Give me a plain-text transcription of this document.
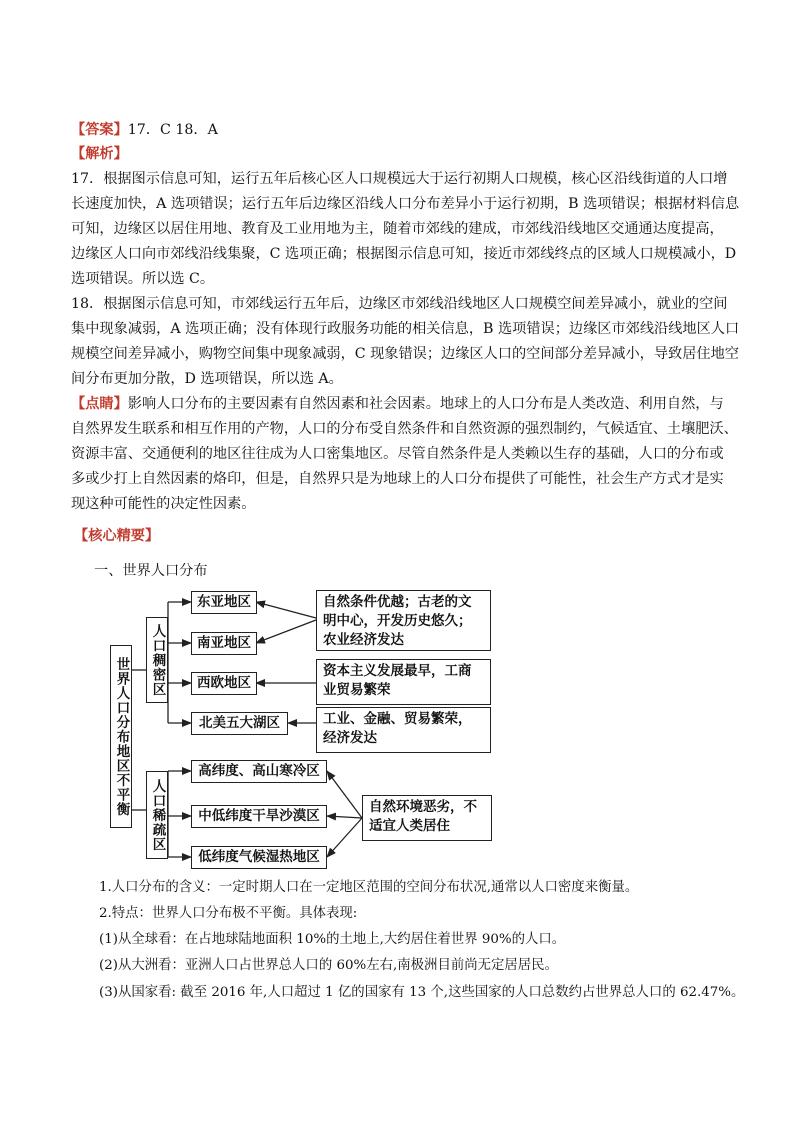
【答案】17．C 18．A
【解析】
17．根据图示信息可知，运行五年后核心区人口规模远大于运行初期人口规模，核心区沿线街道的人口增
长速度加快，A 选项错误；运行五年后边缘区沿线人口分布差异小于运行初期，B 选项错误；根据材料信息
可知，边缘区以居住用地、教育及工业用地为主，随着市郊线的建成，市郊线沿线地区交通通达度提高，
边缘区人口向市郊线沿线集聚，C 选项正确；根据图示信息可知，接近市郊线终点的区域人口规模减小，D
选项错误。所以选 C。
18．根据图示信息可知，市郊线运行五年后，边缘区市郊线沿线地区人口规模空间差异减小，就业的空间
集中现象减弱，A 选项正确；没有体现行政服务功能的相关信息，B 选项错误；边缘区市郊线沿线地区人口
规模空间差异减小，购物空间集中现象减弱，C 现象错误；边缘区人口的空间部分差异减小，导致居住地空
间分布更加分散，D 选项错误，所以选 A。
【点睛】影响人口分布的主要因素有自然因素和社会因素。地球上的人口分布是人类改造、利用自然，与
自然界发生联系和相互作用的产物，人口的分布受自然条件和自然资源的强烈制约，气候适宜、土壤肥沃、
资源丰富、交通便利的地区往往成为人口密集地区。尽管自然条件是人类赖以生存的基础，人口的分布或
多或少打上自然因素的烙印，但是，自然界只是为地球上的人口分布提供了可能性，社会生产方式才是实
现这种可能性的决定性因素。
【核心精要】
一、世界人口分布
世界人口分布地区不平衡 人口稠密区
东亚地区
南亚地区
西欧地区
北美五大湖区
自然条件优越；古老的文明中心，开发历史悠久；农业经济发达
资本主义发展最早，工商业贸易繁荣
工业、金融、贸易繁荣，经济发达
人口稀疏区
高纬度、高山寒冷区
中低纬度干旱沙漠区
低纬度气候湿热地区
自然环境恶劣，不适宜人类居住
1.人口分布的含义：一定时期人口在一定地区范围的空间分布状况,通常以人口密度来衡量。
2.特点：世界人口分布极不平衡。具体表现:
(1)从全球看：在占地球陆地面积 10%的土地上,大约居住着世界 90%的人口。
(2)从大洲看：亚洲人口占世界总人口的 60%左右,南极洲目前尚无定居居民。
(3)从国家看: 截至 2016 年,人口超过 1 亿的国家有 13 个,这些国家的人口总数约占世界总人口的 62.47%。
